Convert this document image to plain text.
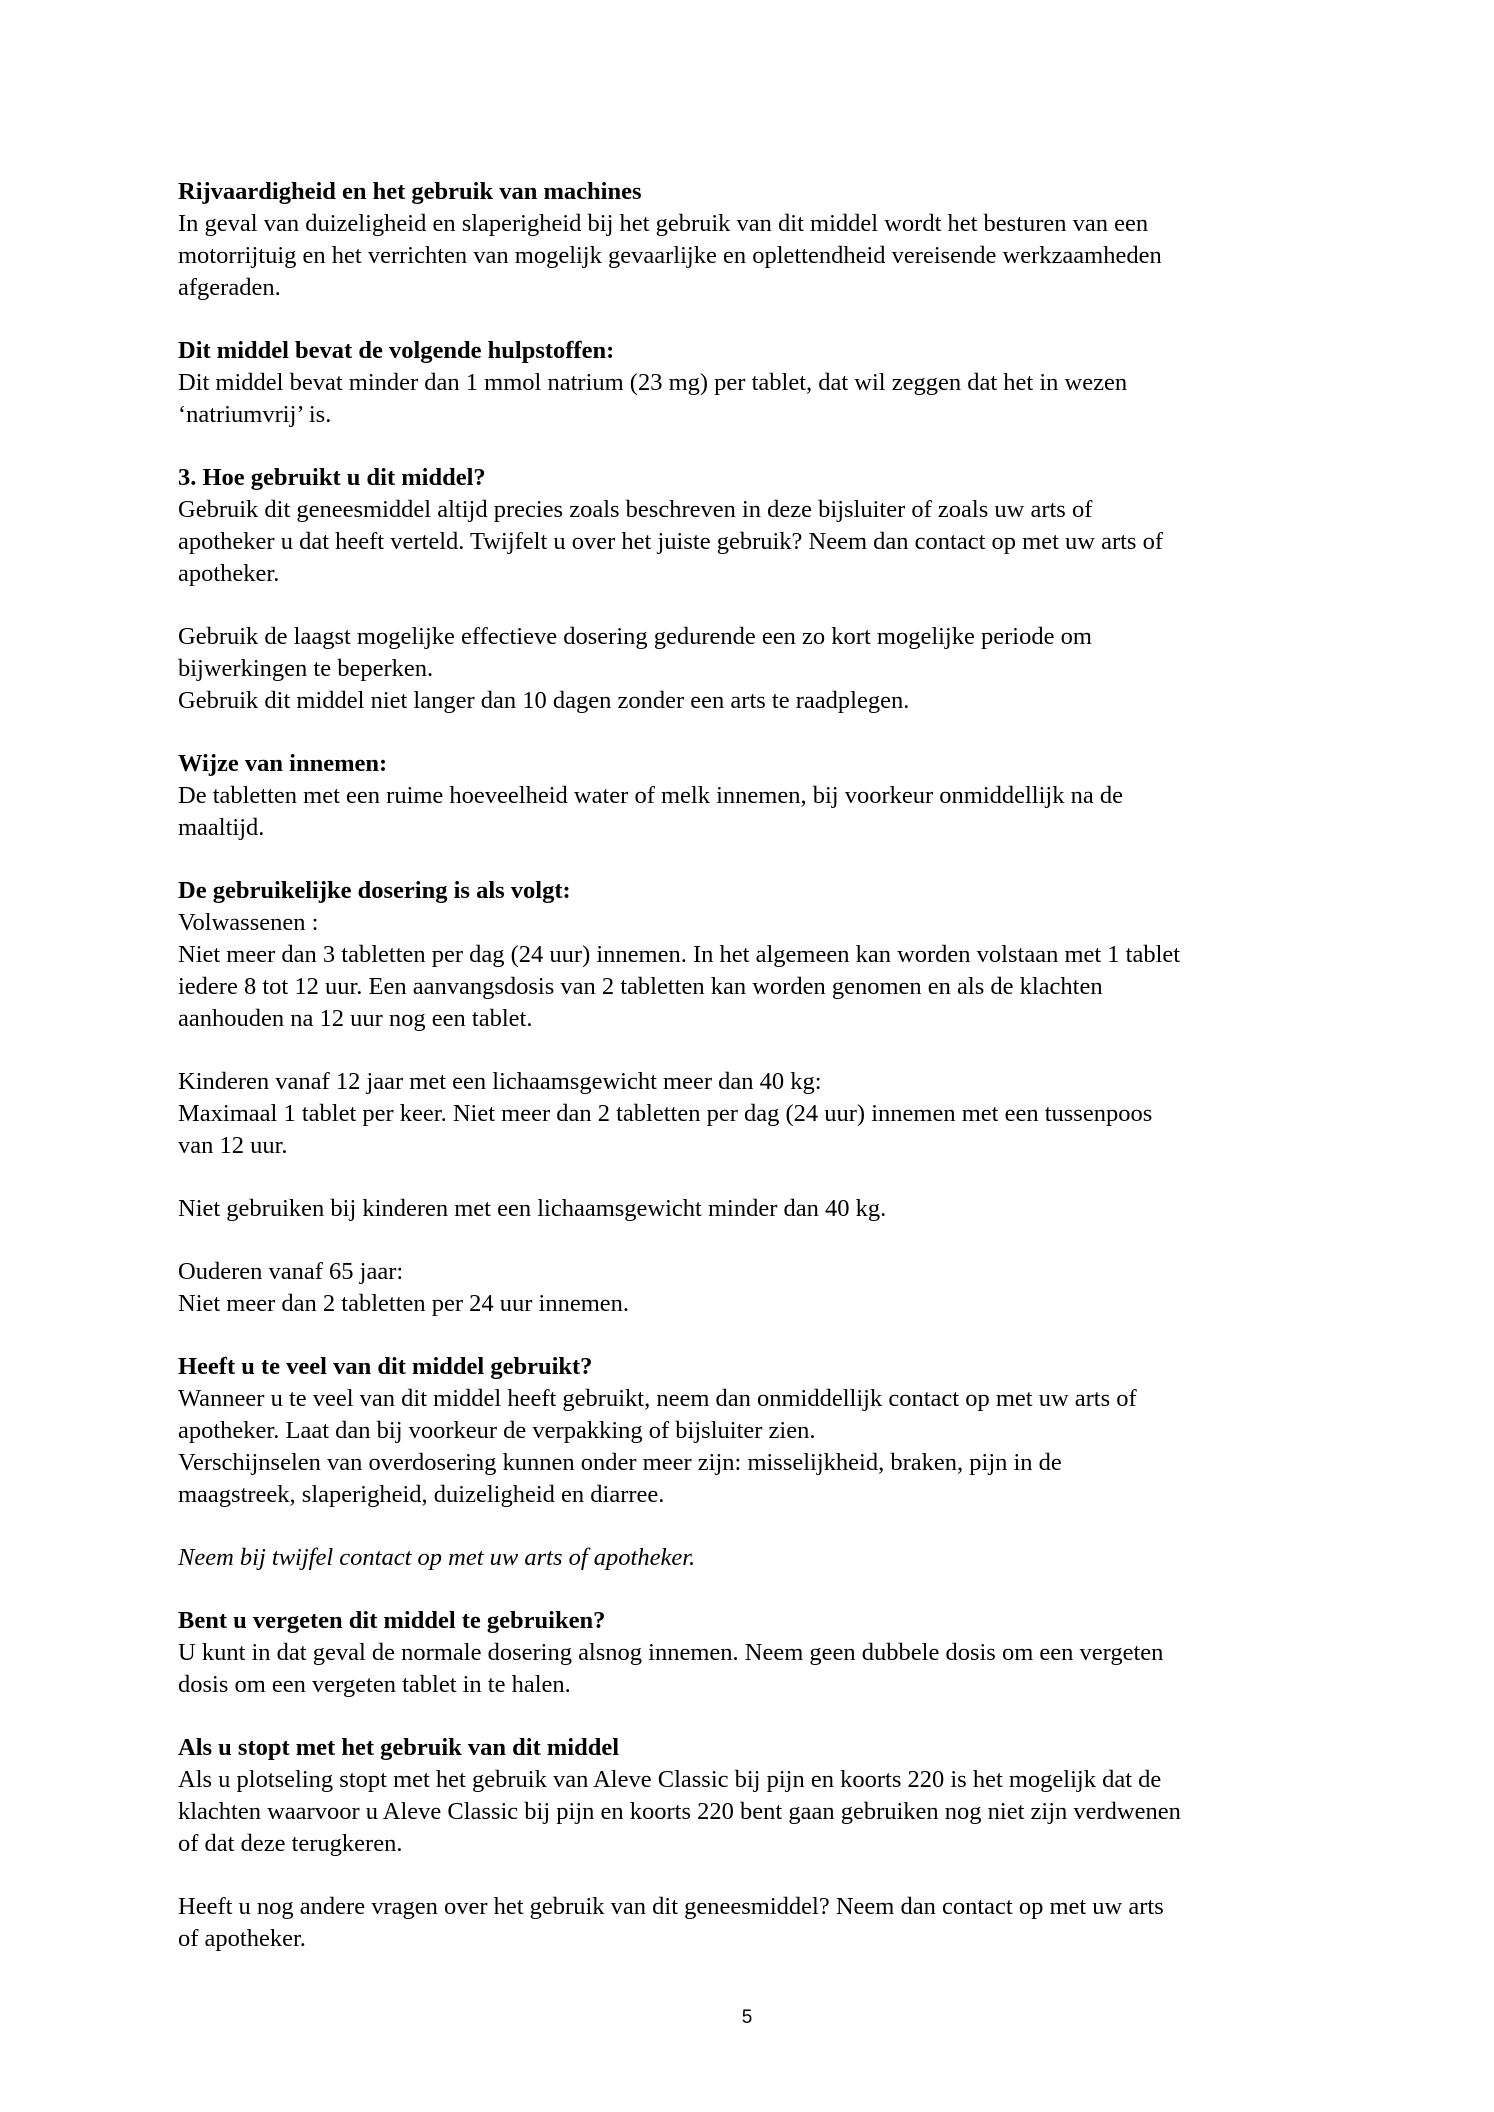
Rijvaardigheid en het gebruik van machines
In geval van duizeligheid en slaperigheid bij het gebruik van dit middel wordt het besturen van een
motorrijtuig en het verrichten van mogelijk gevaarlijke en oplettendheid vereisende werkzaamheden
afgeraden.
Dit middel bevat de volgende hulpstoffen:
Dit middel bevat minder dan 1 mmol natrium (23 mg) per tablet, dat wil zeggen dat het in wezen
‘natriumvrij’ is.
3. Hoe gebruikt u dit middel?
Gebruik dit geneesmiddel altijd precies zoals beschreven in deze bijsluiter of zoals uw arts of
apotheker u dat heeft verteld. Twijfelt u over het juiste gebruik? Neem dan contact op met uw arts of
apotheker.
Gebruik de laagst mogelijke effectieve dosering gedurende een zo kort mogelijke periode om
bijwerkingen te beperken.
Gebruik dit middel niet langer dan 10 dagen zonder een arts te raadplegen.
Wijze van innemen:
De tabletten met een ruime hoeveelheid water of melk innemen, bij voorkeur onmiddellijk na de
maaltijd.
De gebruikelijke dosering is als volgt:
Volwassenen :
Niet meer dan 3 tabletten per dag (24 uur) innemen. In het algemeen kan worden volstaan met 1 tablet
iedere 8 tot 12 uur. Een aanvangsdosis van 2 tabletten kan worden genomen en als de klachten
aanhouden na 12 uur nog een tablet.
Kinderen vanaf 12 jaar met een lichaamsgewicht meer dan 40 kg:
Maximaal 1 tablet per keer. Niet meer dan 2 tabletten per dag (24 uur) innemen met een tussenpoos
van 12 uur.
Niet gebruiken bij kinderen met een lichaamsgewicht minder dan 40 kg.
Ouderen vanaf 65 jaar:
Niet meer dan 2 tabletten per 24 uur innemen.
Heeft u te veel van dit middel gebruikt?
Wanneer u te veel van dit middel heeft gebruikt, neem dan onmiddellijk contact op met uw arts of
apotheker. Laat dan bij voorkeur de verpakking of bijsluiter zien.
Verschijnselen van overdosering kunnen onder meer zijn: misselijkheid, braken, pijn in de
maagstreek, slaperigheid, duizeligheid en diarree.
Neem bij twijfel contact op met uw arts of apotheker.
Bent u vergeten dit middel te gebruiken?
U kunt in dat geval de normale dosering alsnog innemen. Neem geen dubbele dosis om een vergeten
dosis om een vergeten tablet in te halen.
Als u stopt met het gebruik van dit middel
Als u plotseling stopt met het gebruik van Aleve Classic bij pijn en koorts 220 is het mogelijk dat de
klachten waarvoor u Aleve Classic bij pijn en koorts 220 bent gaan gebruiken nog niet zijn verdwenen
of dat deze terugkeren.
Heeft u nog andere vragen over het gebruik van dit geneesmiddel? Neem dan contact op met uw arts
of apotheker.
5
